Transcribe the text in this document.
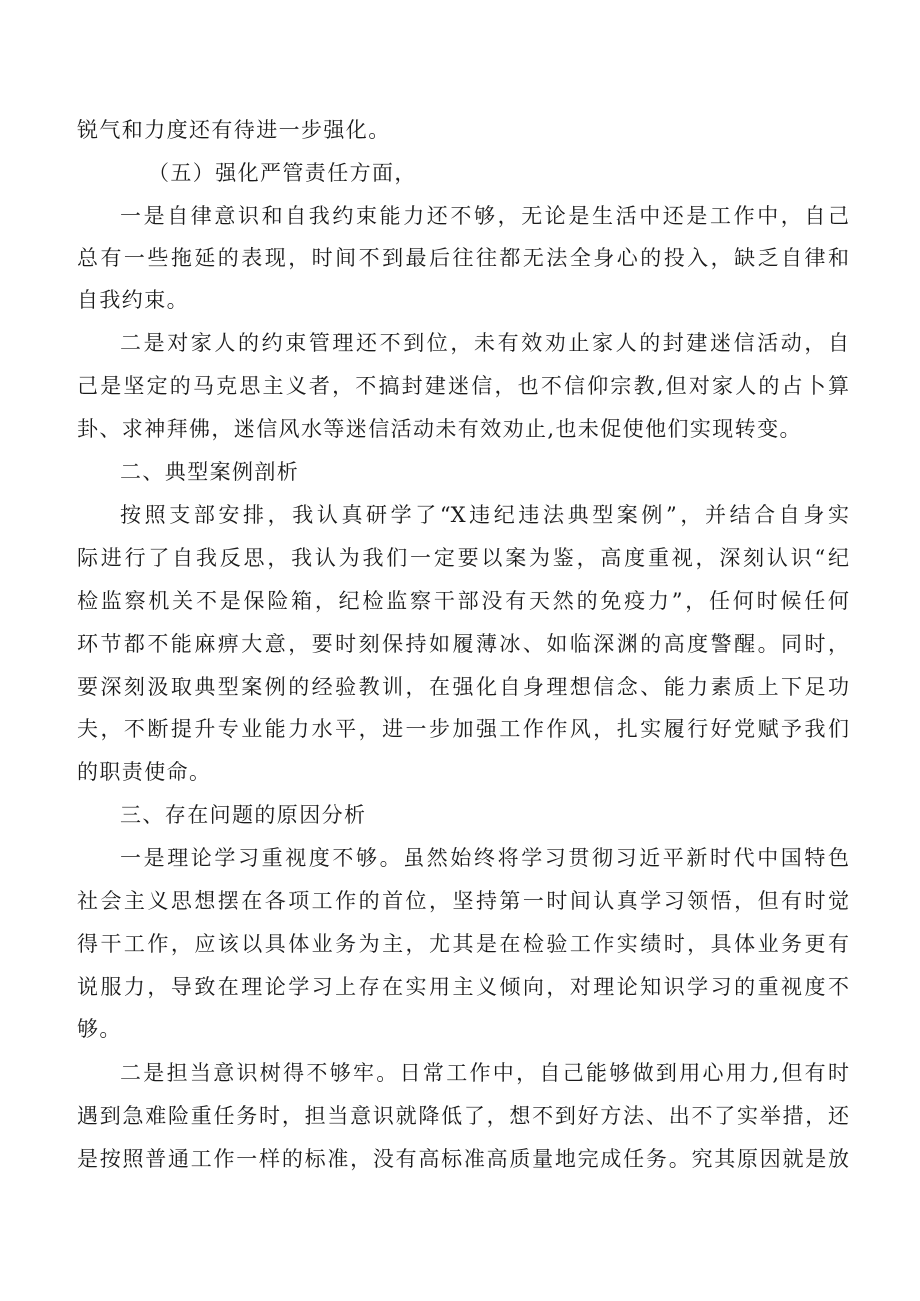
锐气和力度还有待进一步强化。
（五）强化严管责任方面，
一是自律意识和自我约束能力还不够，无论是生活中还是工作中，自己
总有一些拖延的表现，时间不到最后往往都无法全身心的投入，缺乏自律和
自我约束。
二是对家人的约束管理还不到位，未有效劝止家人的封建迷信活动，自
己是坚定的马克思主义者，不搞封建迷信，也不信仰宗教,但对家人的占卜算
卦、求神拜佛，迷信风水等迷信活动未有效劝止,也未促使他们实现转变。
二、典型案例剖析
按照支部安排，我认真研学了“X违纪违法典型案例”，并结合自身实
际进行了自我反思，我认为我们一定要以案为鉴，高度重视，深刻认识“纪
检监察机关不是保险箱，纪检监察干部没有天然的免疫力”，任何时候任何
环节都不能麻痹大意，要时刻保持如履薄冰、如临深渊的高度警醒。同时，
要深刻汲取典型案例的经验教训，在强化自身理想信念、能力素质上下足功
夫，不断提升专业能力水平，进一步加强工作作风，扎实履行好党赋予我们
的职责使命。
三、存在问题的原因分析
一是理论学习重视度不够。虽然始终将学习贯彻习近平新时代中国特色
社会主义思想摆在各项工作的首位，坚持第一时间认真学习领悟，但有时觉
得干工作，应该以具体业务为主，尤其是在检验工作实绩时，具体业务更有
说服力，导致在理论学习上存在实用主义倾向，对理论知识学习的重视度不
够。
二是担当意识树得不够牢。日常工作中，自己能够做到用心用力,但有时
遇到急难险重任务时，担当意识就降低了，想不到好方法、出不了实举措，还
是按照普通工作一样的标准，没有高标准高质量地完成任务。究其原因就是放
